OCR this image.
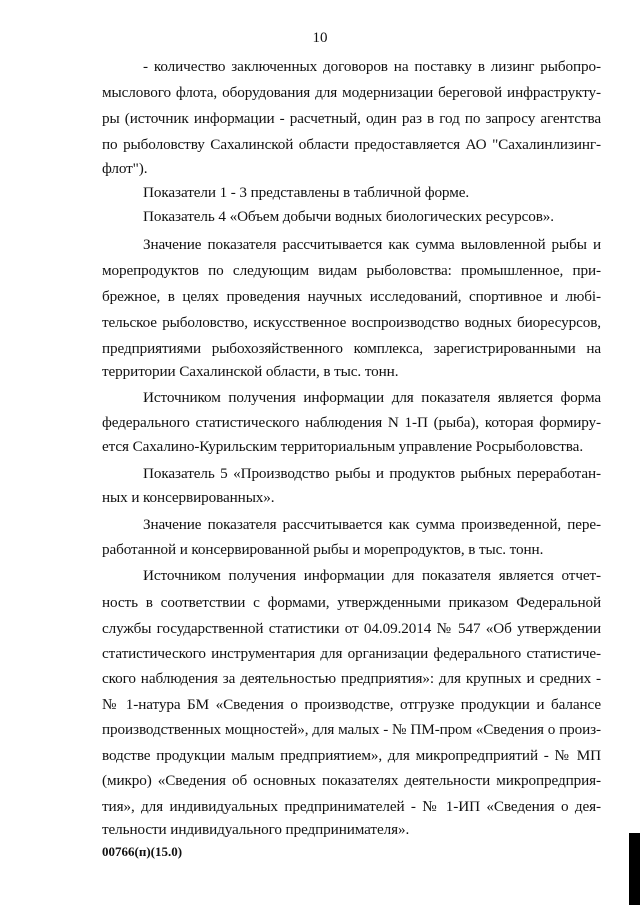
10
- количество заключенных договоров на поставку в лизинг рыбопро-
мыслового флота, оборудования для модернизации береговой инфраструкту-
ры (источник информации - расчетный, один раз в год по запросу агентства
по рыболовству Сахалинской области предоставляется АО "Сахалинлизинг-
флот").
Показатели 1 - 3 представлены в табличной форме.
Показатель 4 «Объем добычи водных биологических ресурсов».
Значение показателя рассчитывается как сумма выловленной рыбы и
морепродуктов по следующим видам рыболовства: промышленное, при-
брежное, в целях проведения научных исследований, спортивное и любі-
тельское рыболовство, искусственное воспроизводство водных биоресурсов,
предприятиями рыбохозяйственного комплекса, зарегистрированными на
территории Сахалинской области, в тыс. тонн.
Источником получения информации для показателя является форма
федерального статистического наблюдения N 1-П (рыба), которая формиру-
ется Сахалино-Курильским территориальным управление Росрыболовства.
Показатель 5 «Производство рыбы и продуктов рыбных переработан-
ных и консервированных».
Значение показателя рассчитывается как сумма произведенной, пере-
работанной и консервированной рыбы и морепродуктов, в тыс. тонн.
Источником получения информации для показателя является отчет-
ность в соответствии с формами, утвержденными приказом Федеральной
службы государственной статистики от 04.09.2014 № 547 «Об утверждении
статистического инструментария для организации федерального статистиче-
ского наблюдения за деятельностью предприятия»: для крупных и средних -
№ 1-натура БМ «Сведения о производстве, отгрузке продукции и балансе
производственных мощностей», для малых - № ПМ-пром «Сведения о произ-
водстве продукции малым предприятием», для микропредприятий - № МП
(микро) «Сведения об основных показателях деятельности микропредприя-
тия», для индивидуальных предпринимателей - № 1-ИП «Сведения о дея-
тельности индивидуального предпринимателя».
00766(п)(15.0)
